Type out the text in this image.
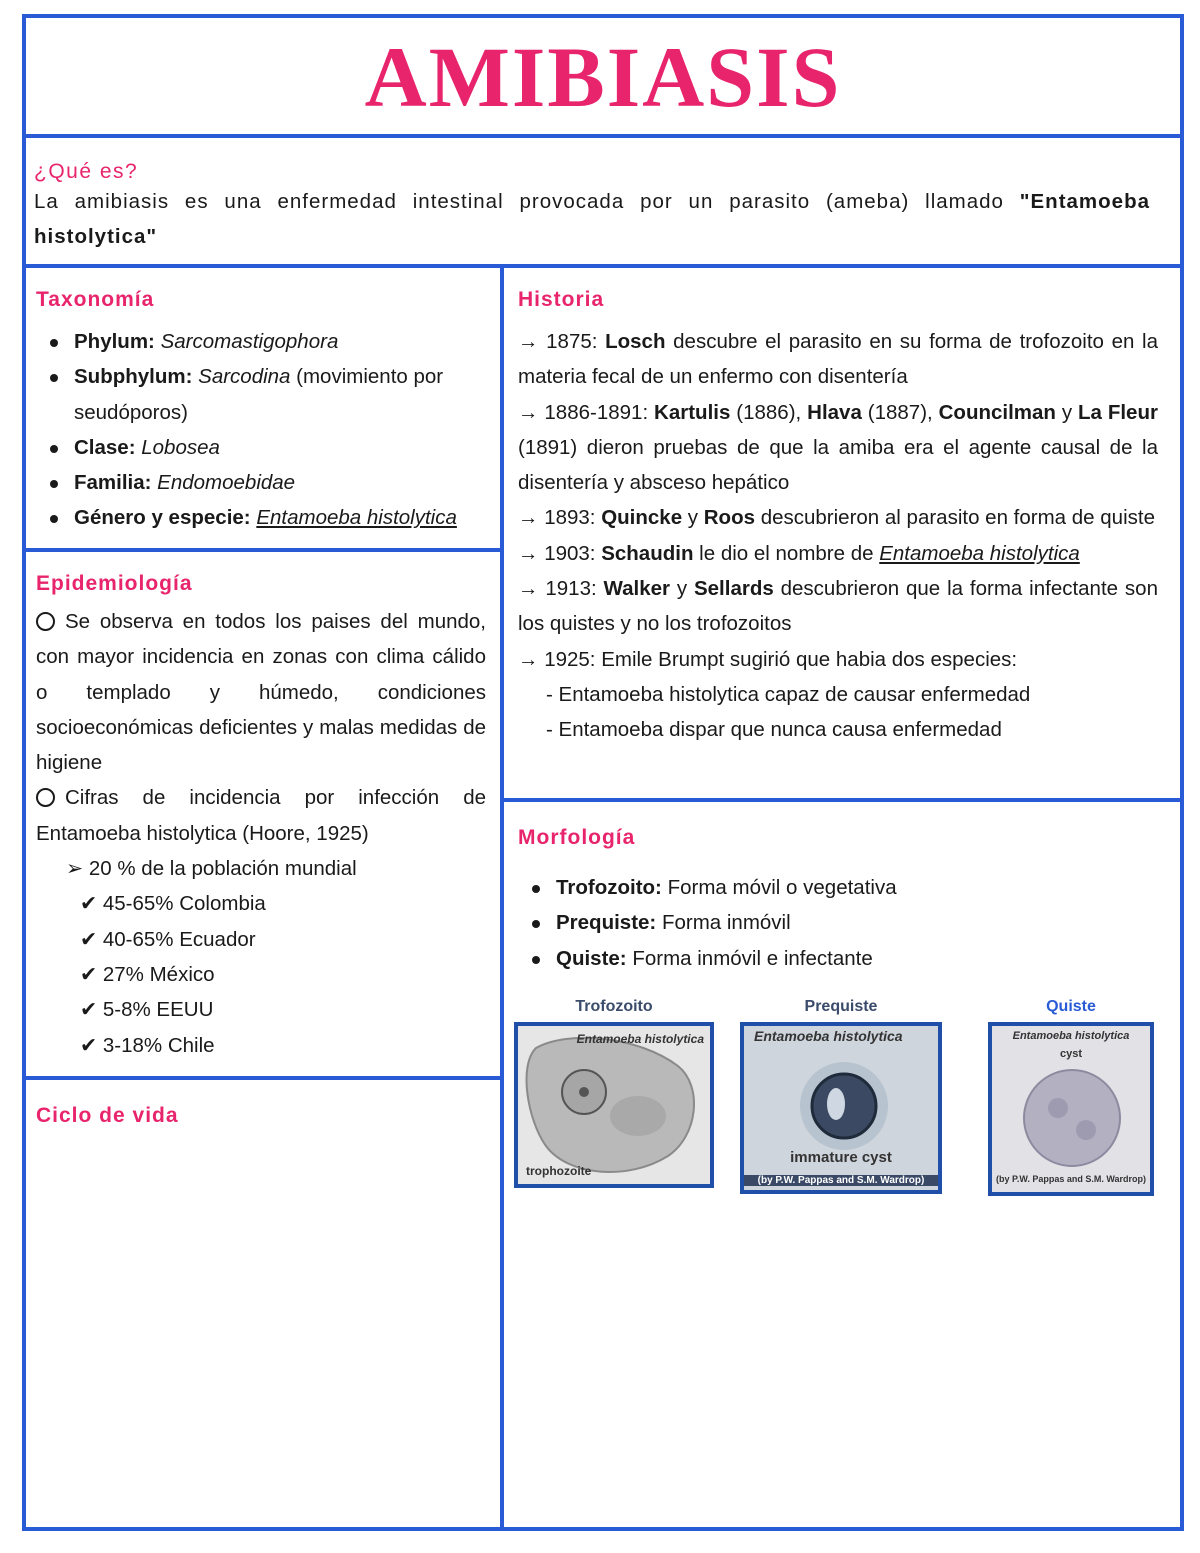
AMIBIASIS

¿Qué es?

La amibiasis es una enfermedad intestinal provocada por un parasito (ameba) llamado "Entamoeba histolytica"

Taxonomía

Phylum: Sarcomastigophora
Subphylum: Sarcodina (movimiento por seudóporos)
Clase: Lobosea
Familia: Endomoebidae
Género y especie: Entamoeba histolytica

Epidemiología

Se observa en todos los paises del mundo, con mayor incidencia en zonas con clima cálido o templado y húmedo, condiciones socioeconómicas deficientes y malas medidas de higiene

Cifras de incidencia por infección de Entamoeba histolytica (Hoore, 1925)

➢ 20 % de la población mundial

✔ 45-65% Colombia
✔ 40-65% Ecuador
✔ 27% México
✔ 5-8% EEUU
✔ 3-18% Chile

Ciclo de vida

Historia

→ 1875: Losch descubre el parasito en su forma de trofozoito en la materia fecal de un enfermo con disentería

→ 1886-1891: Kartulis (1886), Hlava (1887), Councilman y La Fleur (1891) dieron pruebas de que la amiba era el agente causal de la disentería y absceso hepático

→ 1893: Quincke y Roos descubrieron al parasito en forma de quiste

→ 1903: Schaudin le dio el nombre de Entamoeba histolytica

→ 1913: Walker y Sellards descubrieron que la forma infectante son los quistes y no los trofozoitos

→ 1925: Emile Brumpt sugirió que habia dos especies:

- Entamoeba histolytica capaz de causar enfermedad

- Entamoeba dispar que nunca causa enfermedad

Morfología

Trofozoito: Forma móvil o vegetativa
Prequiste: Forma inmóvil
Quiste: Forma inmóvil e infectante
Trofozoito
Entamoeba histolytica
trophozoite
Prequiste
Entamoeba histolytica
immature cyst
(by P.W. Pappas and S.M. Wardrop)
Quiste
Entamoeba histolytica
cyst
(by P.W. Pappas and S.M. Wardrop)
